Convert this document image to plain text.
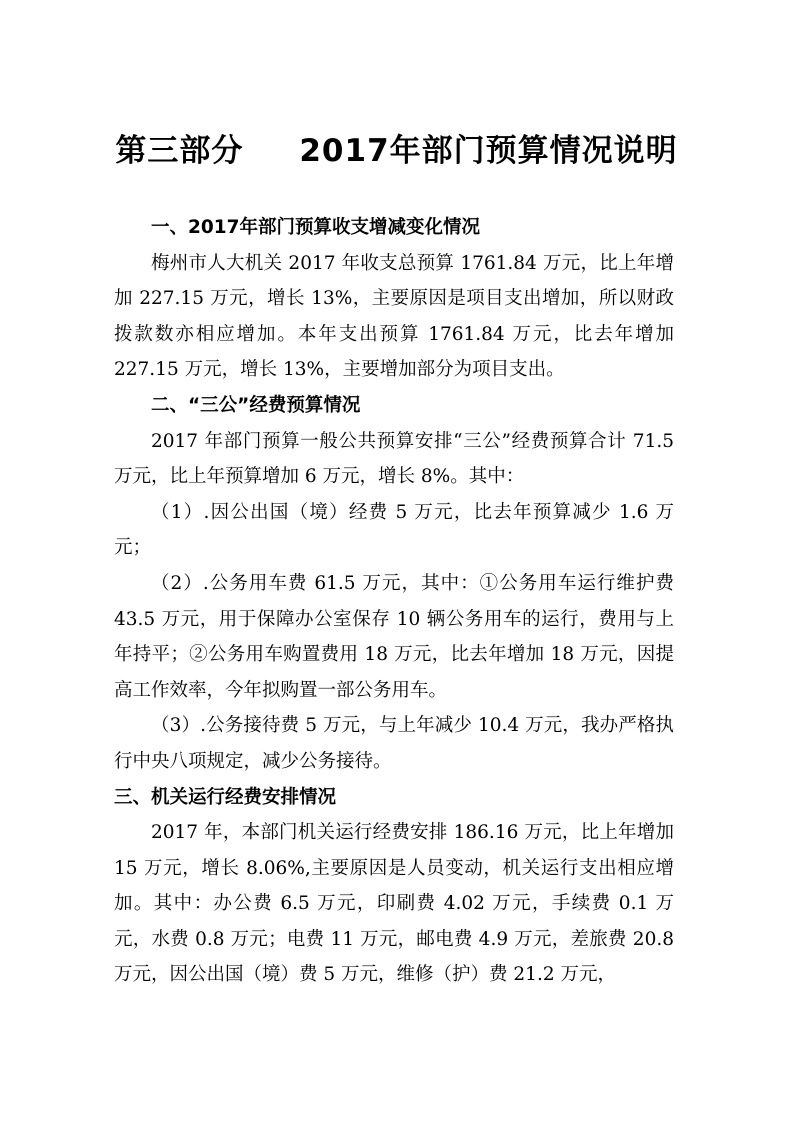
第三部分 2017年部门预算情况说明
一、2017年部门预算收支增减变化情况

梅州市人大机关 2017 年收支总预算 1761.84 万元，比上年增加 227.15 万元，增长 13%，主要原因是项目支出增加，所以财政拨款数亦相应增加。本年支出预算 1761.84 万元，比去年增加 227.15 万元，增长 13%，主要增加部分为项目支出。

二、“三公”经费预算情况

2017 年部门预算一般公共预算安排“三公”经费预算合计 71.5 万元，比上年预算增加 6 万元，增长 8%。其中：

（1）.因公出国（境）经费 5 万元，比去年预算减少 1.6 万元；

（2）.公务用车费 61.5 万元，其中：①公务用车运行维护费 43.5 万元，用于保障办公室保存 10 辆公务用车的运行，费用与上年持平；②公务用车购置费用 18 万元，比去年增加 18 万元，因提高工作效率，今年拟购置一部公务用车。

（3）.公务接待费 5 万元，与上年减少 10.4 万元，我办严格执行中央八项规定，减少公务接待。

三、机关运行经费安排情况

2017 年，本部门机关运行经费安排 186.16 万元，比上年增加 15 万元，增长 8.06%,主要原因是人员变动，机关运行支出相应增加。其中：办公费 6.5 万元，印刷费 4.02 万元，手续费 0.1 万元，水费 0.8 万元；电费 11 万元，邮电费 4.9 万元，差旅费 20.8 万元，因公出国（境）费 5 万元，维修（护）费 21.2 万元，
